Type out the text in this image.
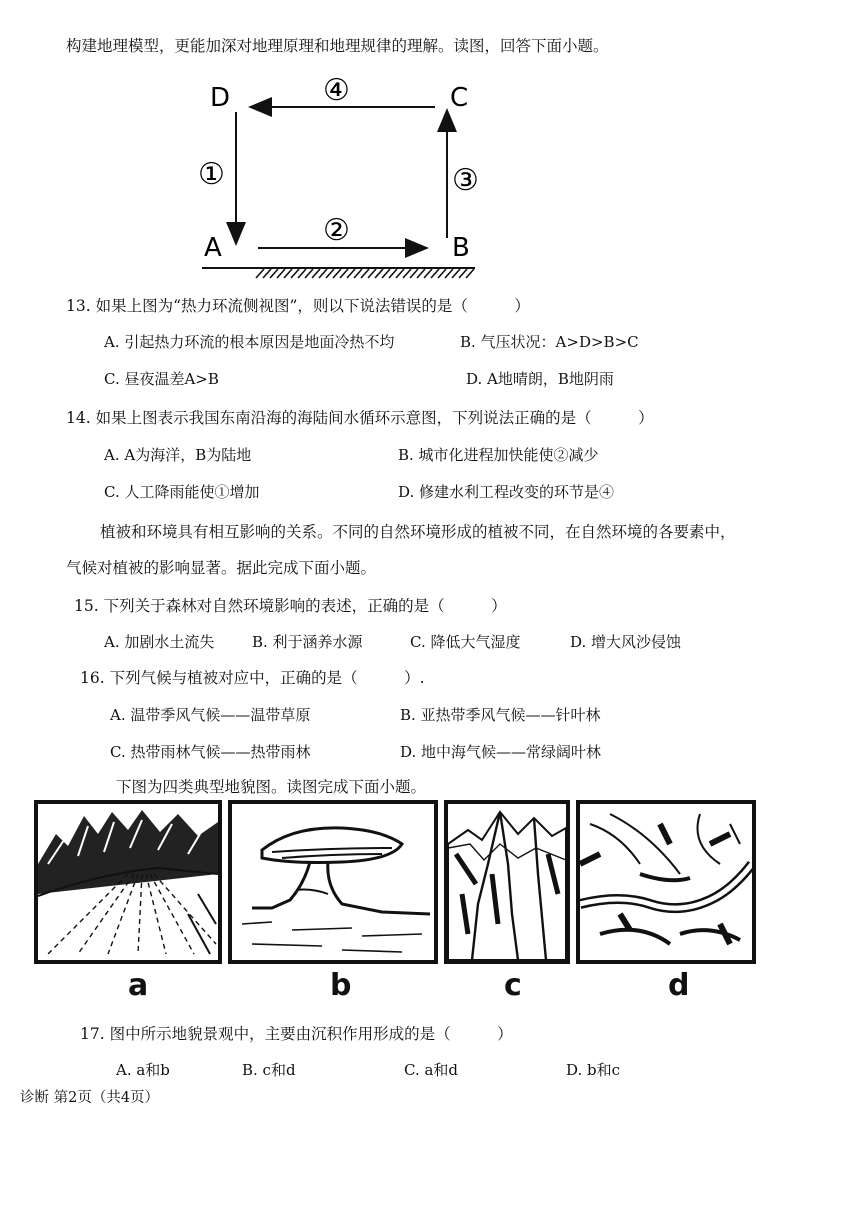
构建地理模型，更能加深对地理原理和地理规律的理解。读图，回答下面小题。
D	C
A	B
④
①
②
③
13. 如果上图为“热力环流侧视图”，则以下说法错误的是（　　　）
A. 引起热力环流的根本原因是地面冷热不均	B. 气压状况：A>D>B>C
C. 昼夜温差A>B	D. A地晴朗，B地阴雨
14. 如果上图表示我国东南沿海的海陆间水循环示意图，下列说法正确的是（　　　）
A. A为海洋，B为陆地	B. 城市化进程加快能使②减少
C. 人工降雨能使①增加	D. 修建水利工程改变的环节是④
植被和环境具有相互影响的关系。不同的自然环境形成的植被不同，在自然环境的各要素中，
气候对植被的影响显著。据此完成下面小题。
15. 下列关于森林对自然环境影响的表述，正确的是（　　　）
A. 加剧水土流失	B. 利于涵养水源	C. 降低大气湿度	D. 增大风沙侵蚀
16. 下列气候与植被对应中，正确的是（　　　）.
A. 温带季风气候——温带草原	B. 亚热带季风气候——针叶林
C. 热带雨林气候——热带雨林	D. 地中海气候——常绿阔叶林
下图为四类典型地貌图。读图完成下面小题。
a	b	c	d
17. 图中所示地貌景观中，主要由沉积作用形成的是（　　　）
A. a和b	B. c和d	C. a和d	D. b和c
诊断 第2页（共4页）
